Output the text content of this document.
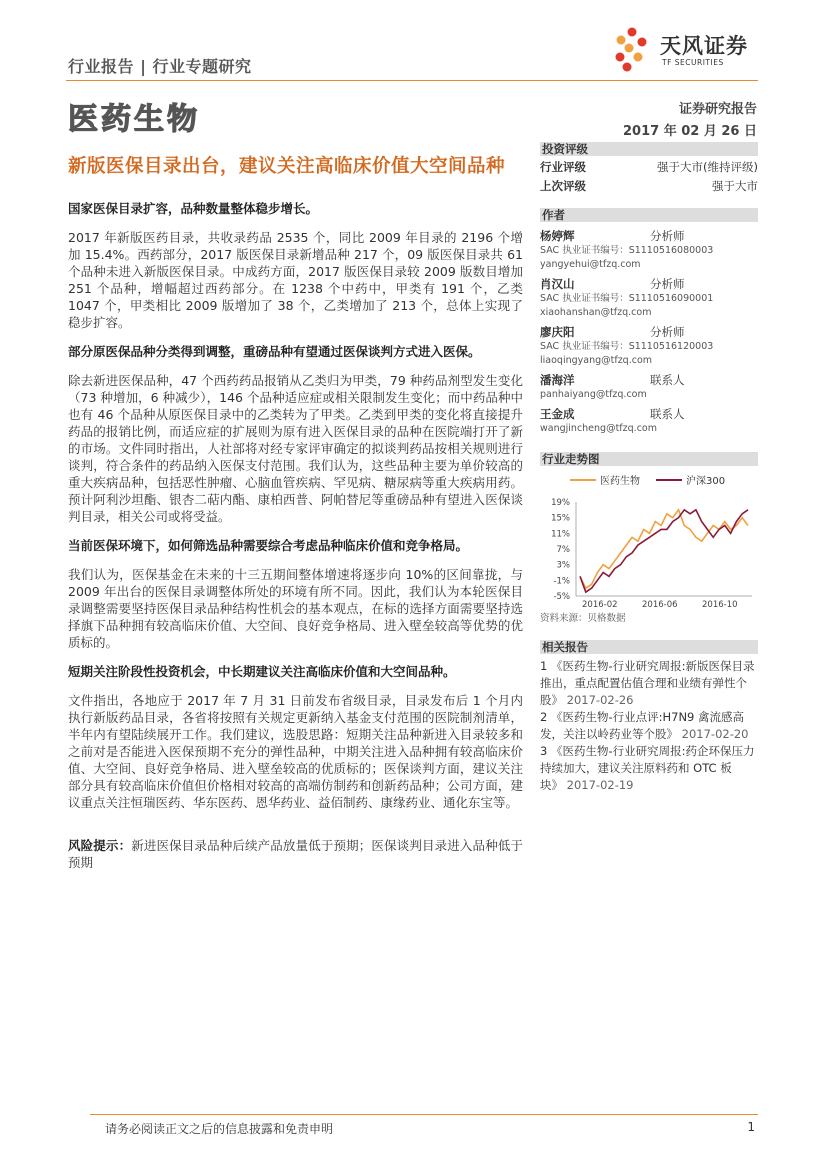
行业报告 | 行业专题研究
天风证券
TF SECURITIES
医药生物	证券研究报告
2017 年 02 月 26 日
新版医保目录出台，建议关注高临床价值大空间品种
国家医保目录扩容，品种数量整体稳步增长。

2017 年新版医药目录，共收录药品 2535 个，同比 2009 年目录的 2196 个增加 15.4%。西药部分，2017 版医保目录新增品种 217 个，09 版医保目录共 61 个品种未进入新版医保目录。中成药方面，2017 版医保目录较 2009 版数目增加 251 个品种，增幅超过西药部分。在 1238 个中药中，甲类有 191 个，乙类 1047 个，甲类相比 2009 版增加了 38 个，乙类增加了 213 个，总体上实现了稳步扩容。

部分原医保品种分类得到调整，重磅品种有望通过医保谈判方式进入医保。

除去新进医保品种，47 个西药药品报销从乙类归为甲类，79 种药品剂型发生变化（73 种增加，6 种减少），146 个品种适应症或相关限制发生变化；而中药品种中也有 46 个品种从原医保目录中的乙类转为了甲类。乙类到甲类的变化将直接提升药品的报销比例，而适应症的扩展则为原有进入医保目录的品种在医院端打开了新的市场。文件同时指出，人社部将对经专家评审确定的拟谈判药品按相关规则进行谈判，符合条件的药品纳入医保支付范围。我们认为，这些品种主要为单价较高的重大疾病品种，包括恶性肿瘤、心脑血管疾病、罕见病、糖尿病等重大疾病用药。预计阿利沙坦酯、银杏二萜内酯、康柏西普、阿帕替尼等重磅品种有望进入医保谈判目录，相关公司或将受益。

当前医保环境下，如何筛选品种需要综合考虑品种临床价值和竞争格局。

我们认为，医保基金在未来的十三五期间整体增速将逐步向 10%的区间靠拢，与 2009 年出台的医保目录调整体所处的环境有所不同。因此，我们认为本轮医保目录调整需要坚持医保目录品种结构性机会的基本观点，在标的选择方面需要坚持选择旗下品种拥有较高临床价值、大空间、良好竞争格局、进入壁垒较高等优势的优质标的。

短期关注阶段性投资机会，中长期建议关注高临床价值和大空间品种。

文件指出，各地应于 2017 年 7 月 31 日前发布省级目录，目录发布后 1 个月内执行新版药品目录，各省将按照有关规定更新纳入基金支付范围的医院制剂清单，半年内有望陆续展开工作。我们建议，选股思路：短期关注品种新进入目录较多和之前对是否能进入医保预期不充分的弹性品种，中期关注进入品种拥有较高临床价值、大空间、良好竞争格局、进入壁垒较高的优质标的；医保谈判方面，建议关注部分具有较高临床价值但价格相对较高的高端仿制药和创新药品种；公司方面，建议重点关注恒瑞医药、华东医药、恩华药业、益佰制药、康缘药业、通化东宝等。

风险提示：新进医保目录品种后续产品放量低于预期；医保谈判目录进入品种低于预期

投资评级
行业评级	强于大市(维持评级)
上次评级	强于大市
作者
杨婷辉	分析师
SAC 执业证书编号：S1110516080003
yangyehui@tfzq.com
肖汉山	分析师
SAC 执业证书编号：S1110516090001
xiaohanshan@tfzq.com
廖庆阳	分析师
SAC 执业证书编号：S1110516120003
liaoqingyang@tfzq.com
潘海洋	联系人
panhaiyang@tfzq.com
王金成	联系人
wangjincheng@tfzq.com
行业走势图
医药生物	沪深300
19%
15%
11%
7%
3%
-1%
-5%
2016-02	2016-06	2016-10
资料来源：贝格数据
相关报告
1 《医药生物-行业研究周报:新版医保目录推出，重点配置估值合理和业绩有弹性个股》 2017-02-26
2 《医药生物-行业点评:H7N9 禽流感高发，关注以岭药业等个股》 2017-02-20
3 《医药生物-行业研究周报:药企环保压力持续加大，建议关注原料药和 OTC 板块》 2017-02-19
请务必阅读正文之后的信息披露和免责申明	1
